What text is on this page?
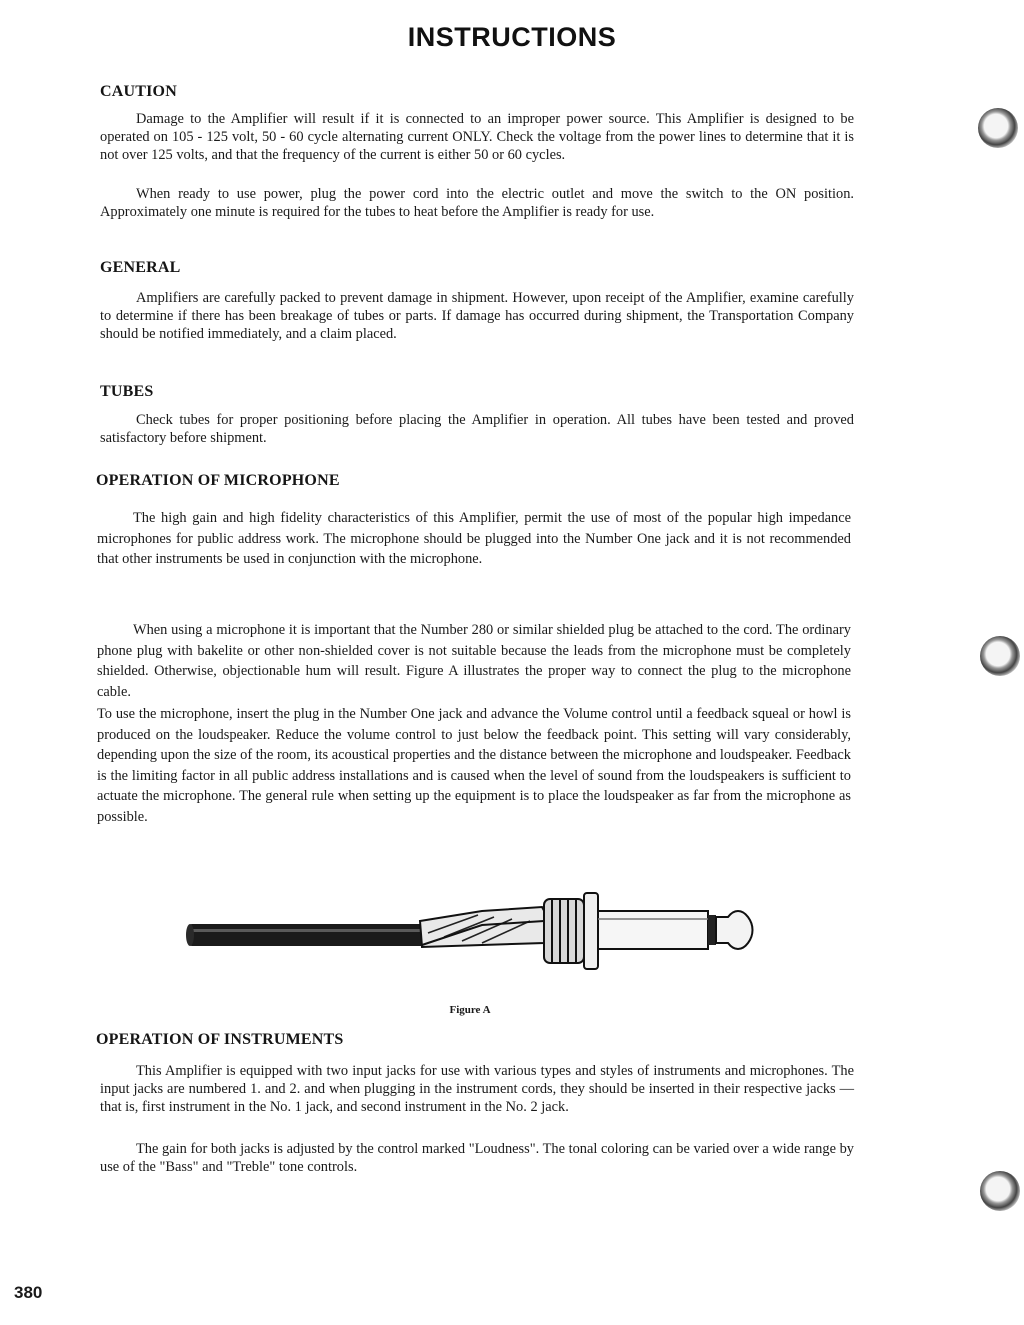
INSTRUCTIONS
CAUTION

Damage to the Amplifier will result if it is connected to an improper power source. This Amplifier is designed to be operated on 105 - 125 volt, 50 - 60 cycle alternating current ONLY. Check the voltage from the power lines to determine that it is not over 125 volts, and that the frequency of the current is either 50 or 60 cycles.

When ready to use power, plug the power cord into the electric outlet and move the switch to the ON position. Approximately one minute is required for the tubes to heat before the Amplifier is ready for use.

GENERAL

Amplifiers are carefully packed to prevent damage in shipment. However, upon receipt of the Amplifier, examine carefully to determine if there has been breakage of tubes or parts. If damage has occurred during shipment, the Transportation Company should be notified immediately, and a claim placed.

TUBES

Check tubes for proper positioning before placing the Amplifier in operation. All tubes have been tested and proved satisfactory before shipment.

OPERATION OF MICROPHONE

The high gain and high fidelity characteristics of this Amplifier, permit the use of most of the popular high impedance microphones for public address work. The microphone should be plugged into the Number One jack and it is not recommended that other instruments be used in conjunction with the microphone.

When using a microphone it is important that the Number 280 or similar shielded plug be attached to the cord. The ordinary phone plug with bakelite or other non-shielded cover is not suitable because the leads from the microphone must be completely shielded. Otherwise, objectionable hum will result. Figure A illustrates the proper way to connect the plug to the microphone cable.

To use the microphone, insert the plug in the Number One jack and advance the Volume control until a feedback squeal or howl is produced on the loudspeaker. Reduce the volume control to just below the feedback point. This setting will vary considerably, depending upon the size of the room, its acoustical properties and the distance between the microphone and loudspeaker. Feedback is the limiting factor in all public address installations and is caused when the level of sound from the loudspeakers is sufficient to actuate the microphone. The general rule when setting up the equipment is to place the loudspeaker as far from the microphone as possible.

Figure A
OPERATION OF INSTRUMENTS

This Amplifier is equipped with two input jacks for use with various types and styles of instruments and microphones. The input jacks are numbered 1. and 2. and when plugging in the instrument cords, they should be inserted in their respective jacks — that is, first instrument in the No. 1 jack, and second instrument in the No. 2 jack.

The gain for both jacks is adjusted by the control marked "Loudness". The tonal coloring can be varied over a wide range by use of the "Bass" and "Treble" tone controls.

380
